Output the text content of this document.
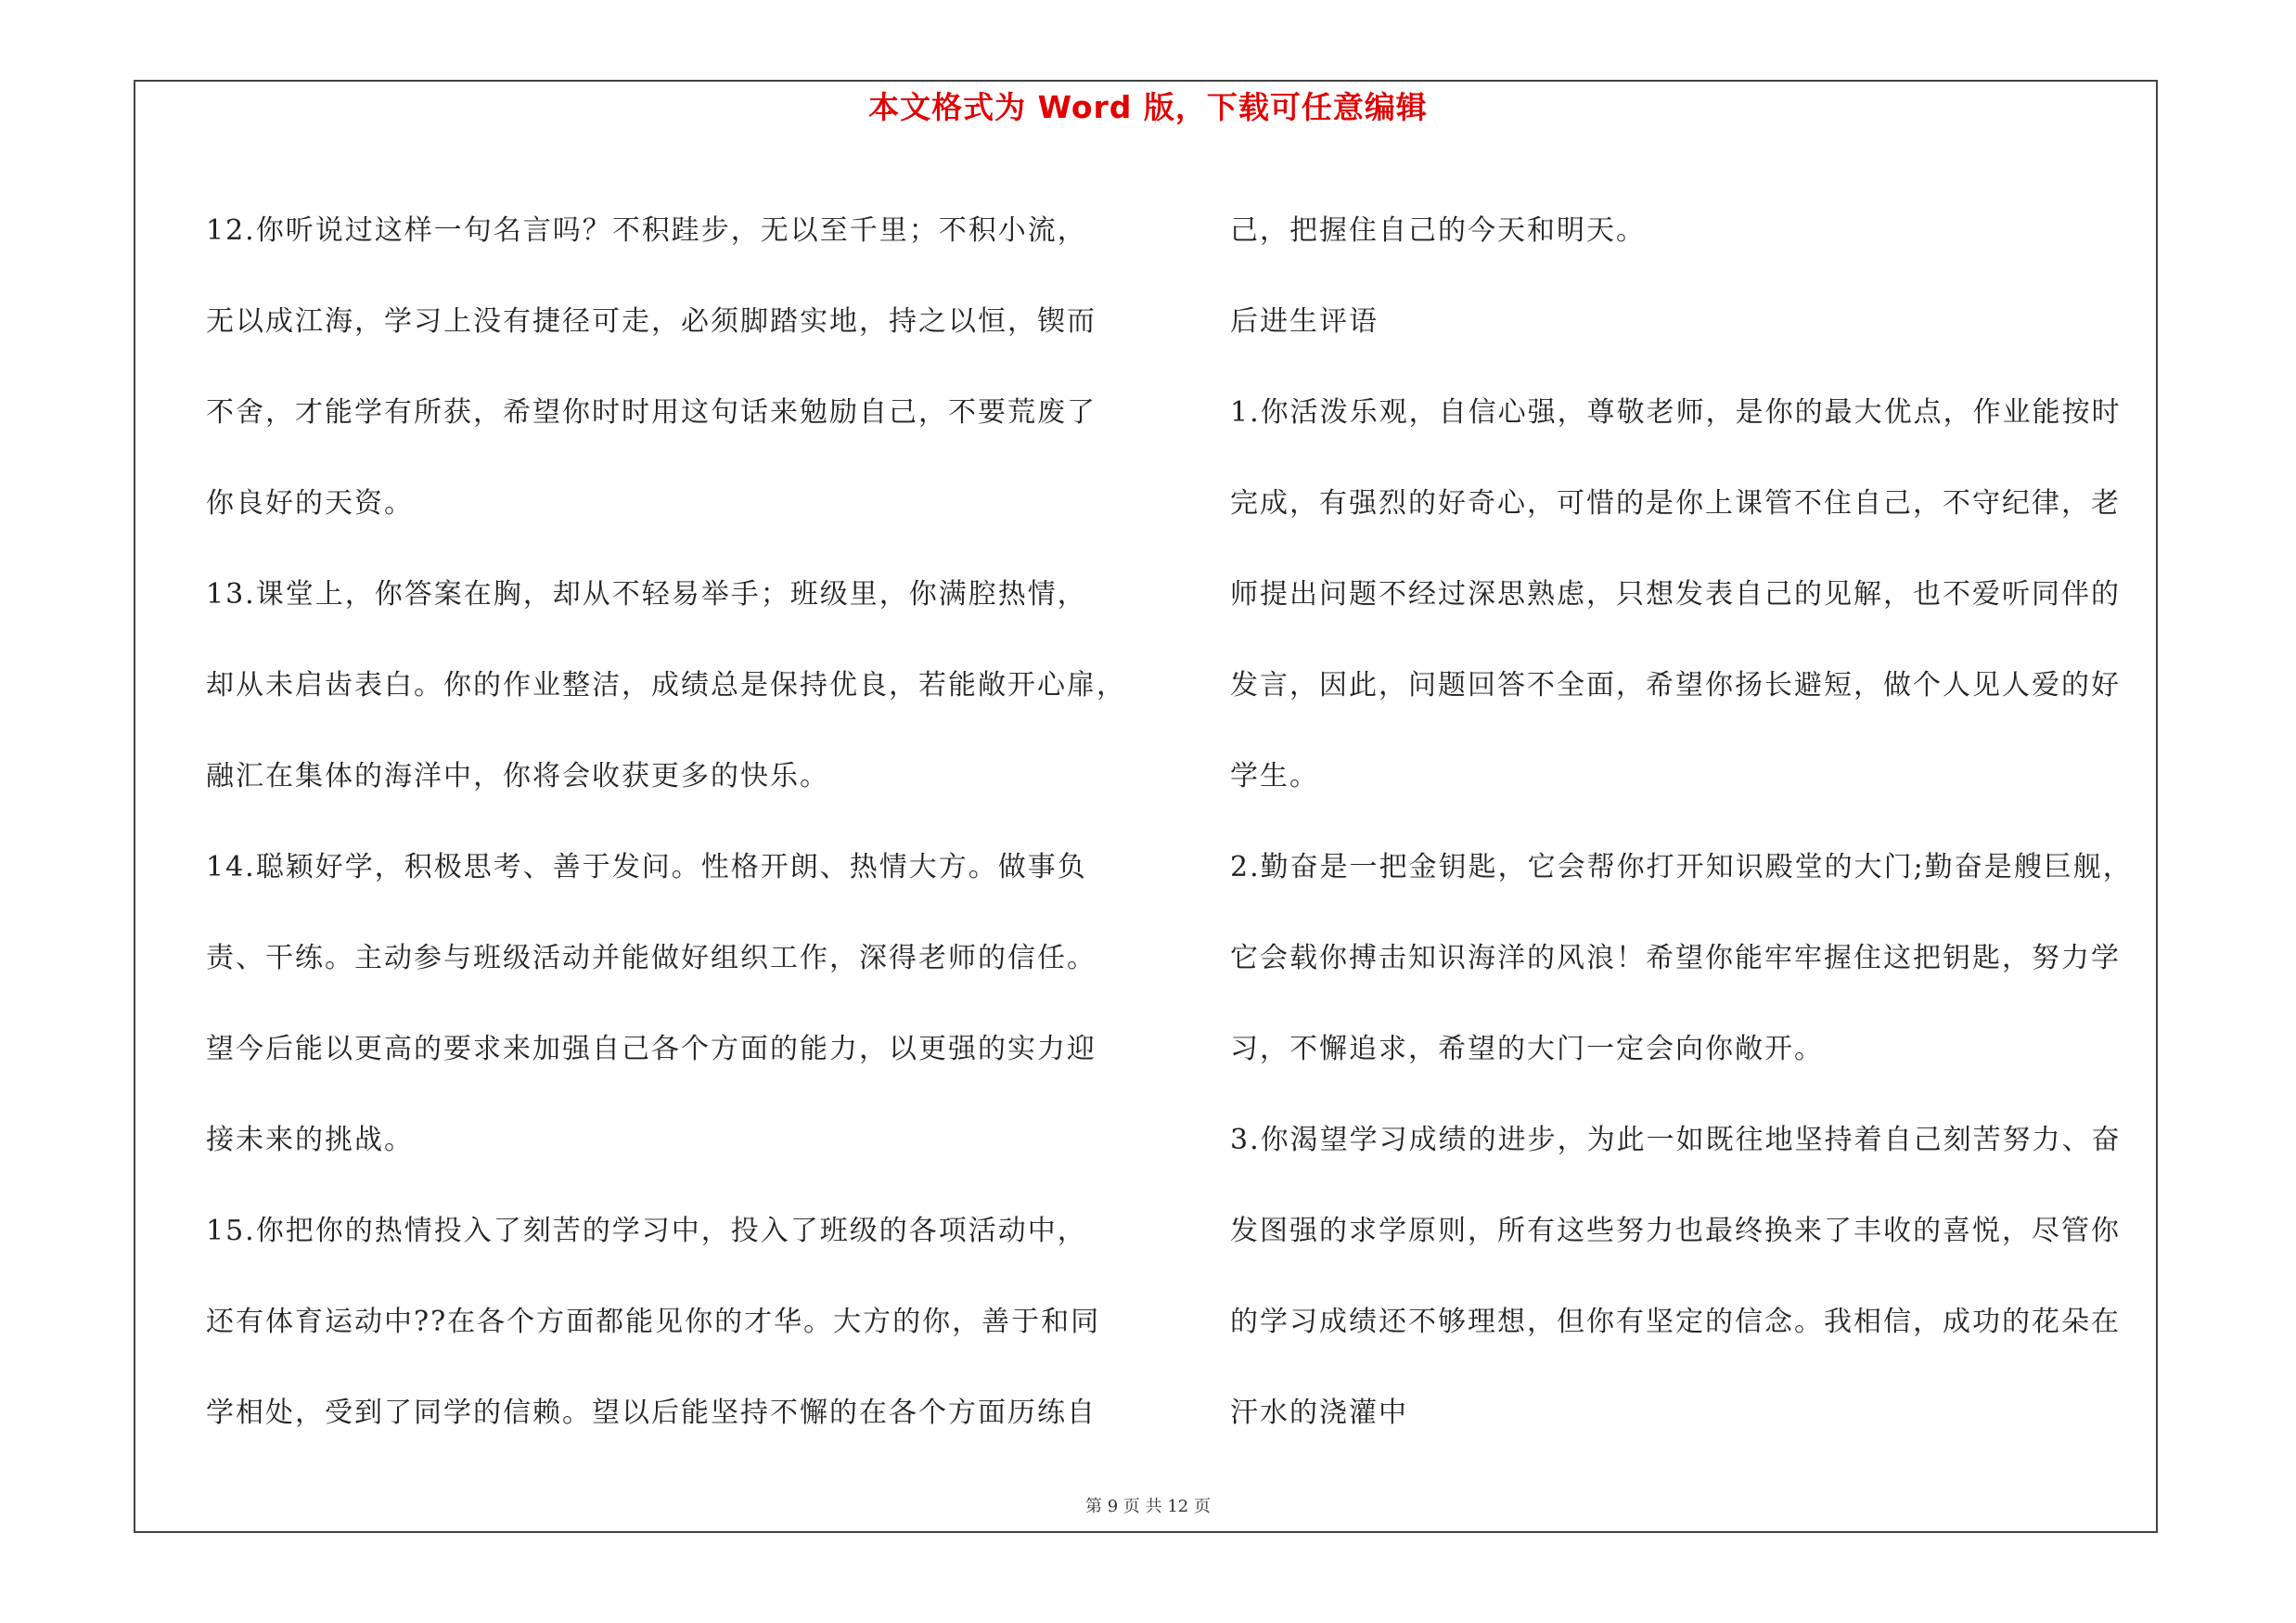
本文格式为 Word 版，下载可任意编辑
12.你听说过这样一句名言吗？不积跬步，无以至千里；不积小流，
无以成江海，学习上没有捷径可走，必须脚踏实地，持之以恒，锲而
不舍，才能学有所获，希望你时时用这句话来勉励自己，不要荒废了
你良好的天资。
13.课堂上，你答案在胸，却从不轻易举手；班级里，你满腔热情，
却从未启齿表白。你的作业整洁，成绩总是保持优良，若能敞开心扉，
融汇在集体的海洋中，你将会收获更多的快乐。
14.聪颖好学，积极思考、善于发问。性格开朗、热情大方。做事负
责、干练。主动参与班级活动并能做好组织工作，深得老师的信任。
望今后能以更高的要求来加强自己各个方面的能力，以更强的实力迎
接未来的挑战。
15.你把你的热情投入了刻苦的学习中，投入了班级的各项活动中，
还有体育运动中??在各个方面都能见你的才华。大方的你，善于和同
学相处，受到了同学的信赖。望以后能坚持不懈的在各个方面历练自
己，把握住自己的今天和明天。
后进生评语
1.你活泼乐观，自信心强，尊敬老师，是你的最大优点，作业能按时
完成，有强烈的好奇心，可惜的是你上课管不住自己，不守纪律，老
师提出问题不经过深思熟虑，只想发表自己的见解，也不爱听同伴的
发言，因此，问题回答不全面，希望你扬长避短，做个人见人爱的好
学生。
2.勤奋是一把金钥匙，它会帮你打开知识殿堂的大门;勤奋是艘巨舰，
它会载你搏击知识海洋的风浪！希望你能牢牢握住这把钥匙，努力学
习，不懈追求，希望的大门一定会向你敞开。
3.你渴望学习成绩的进步，为此一如既往地坚持着自己刻苦努力、奋
发图强的求学原则，所有这些努力也最终换来了丰收的喜悦，尽管你
的学习成绩还不够理想，但你有坚定的信念。我相信，成功的花朵在
汗水的浇灌中
第 9 页 共 12 页
